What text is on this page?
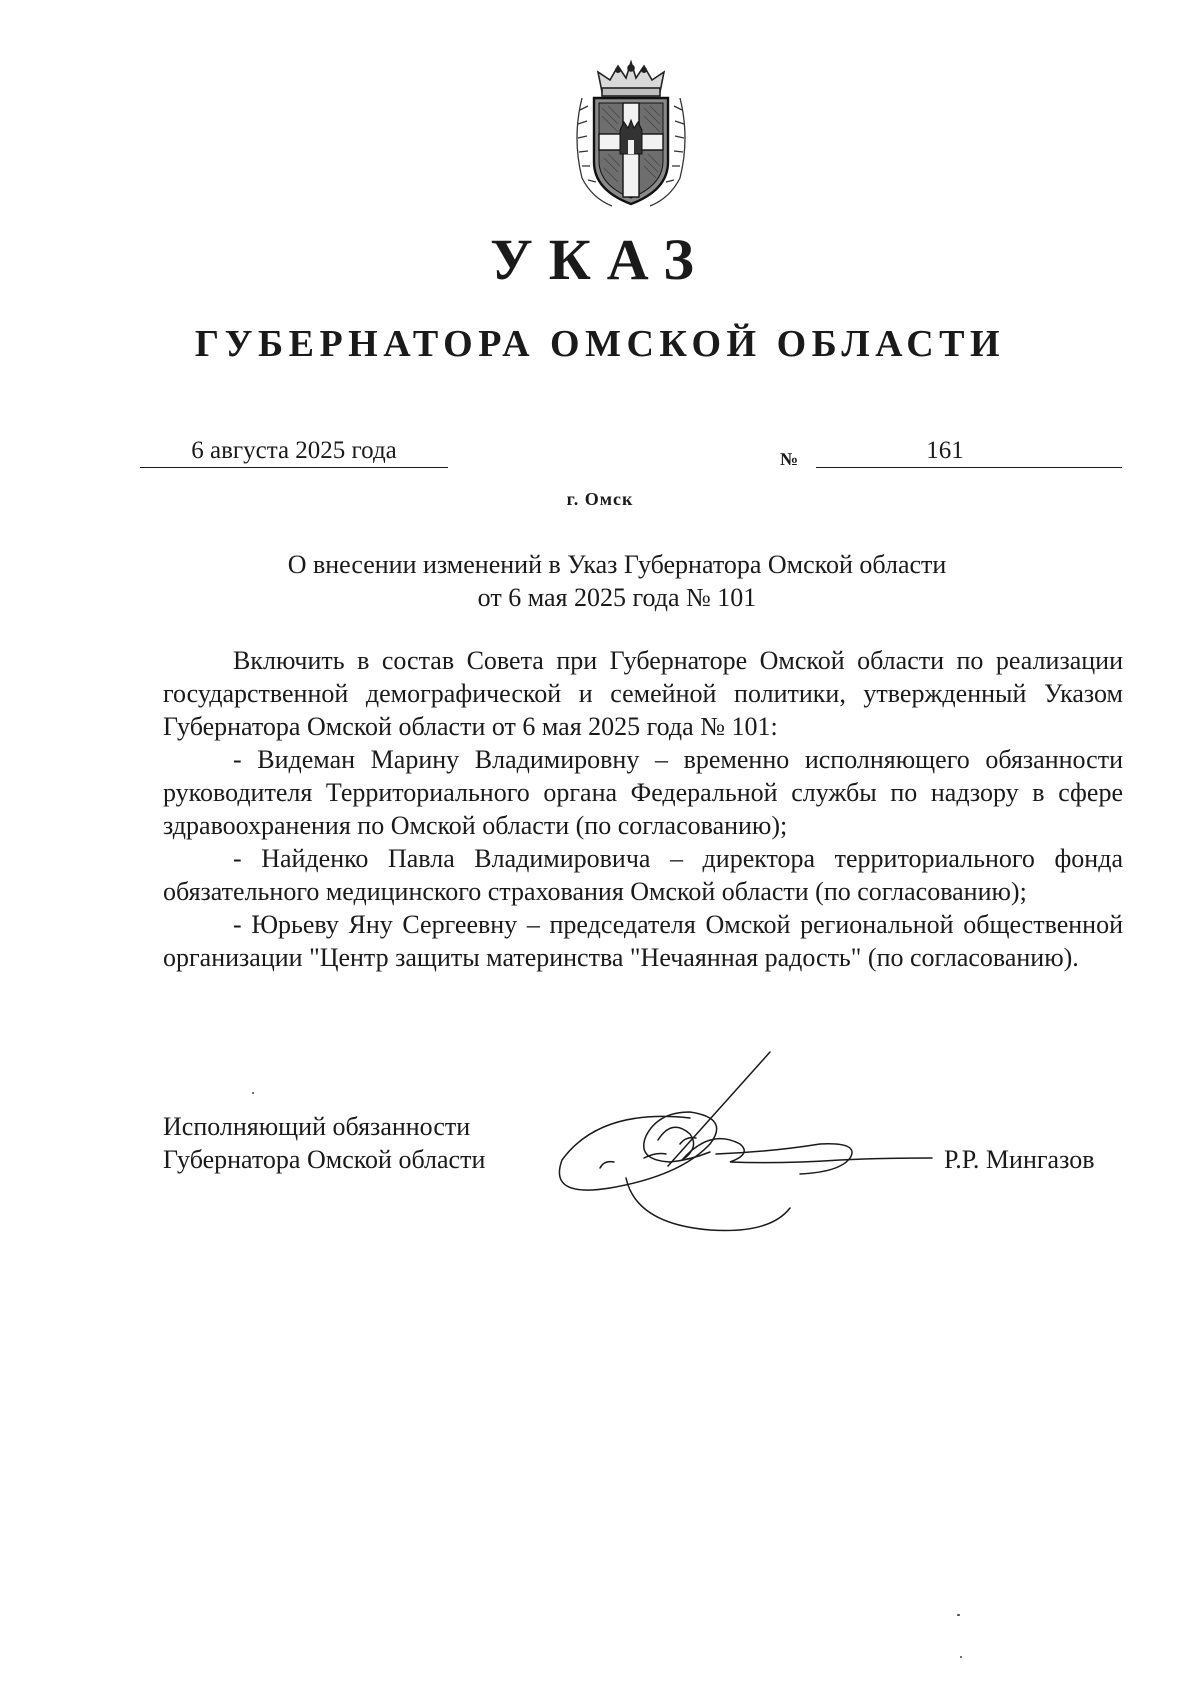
УКАЗ
ГУБЕРНАТОРА ОМСКОЙ ОБЛАСТИ
6 августа 2025 года	№	161
г. Омск
О внесении изменений в Указ Губернатора Омской области
от 6 мая 2025 года № 101

Включить в состав Совета при Губернаторе Омской области по реализации государственной демографической и семейной политики, утвержденный Указом Губернатора Омской области от 6 мая 2025 года № 101:

- Видеман Марину Владимировну – временно исполняющего обязанности руководителя Территориального органа Федеральной службы по надзору в сфере здравоохранения по Омской области (по согласованию);

- Найденко Павла Владимировича – директора территориального фонда обязательного медицинского страхования Омской области (по согласованию);

- Юрьеву Яну Сергеевну – председателя Омской региональной общественной организации "Центр защиты материнства "Нечаянная радость" (по согласованию).

Исполняющий обязанности
Губернатора Омской области	Р.Р. Мингазов
